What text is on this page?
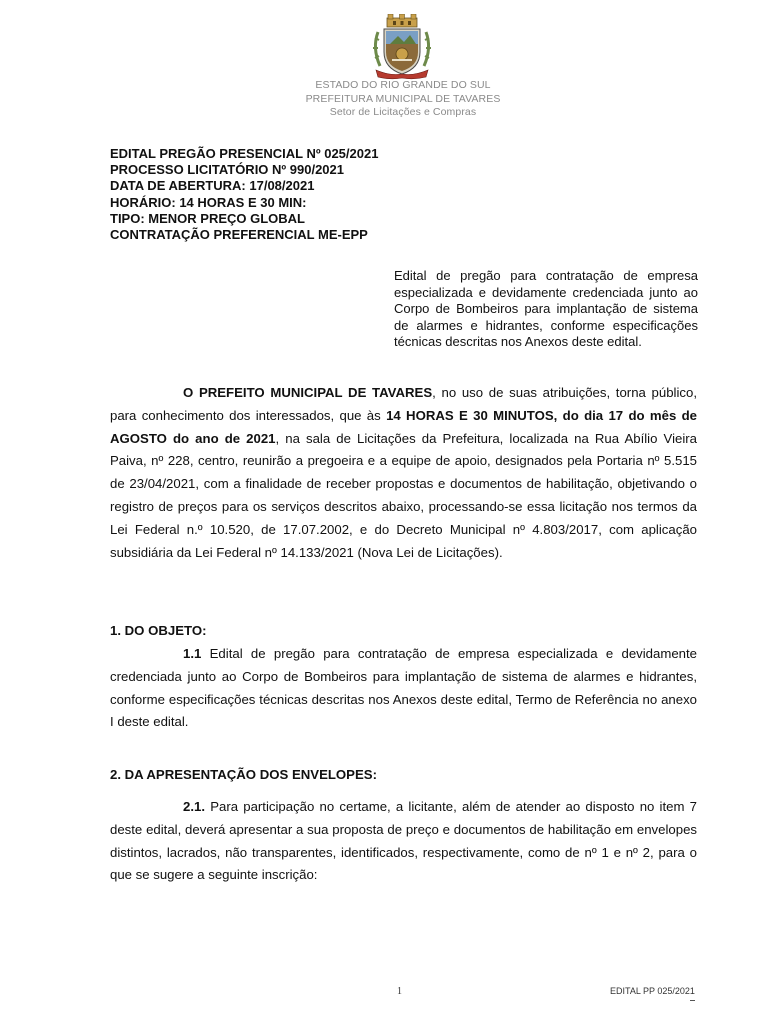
ESTADO DO RIO GRANDE DO SUL
PREFEITURA MUNICIPAL DE TAVARES
Setor de Licitações e Compras
EDITAL PREGÃO PRESENCIAL Nº 025/2021
PROCESSO LICITATÓRIO Nº 990/2021
DATA DE ABERTURA: 17/08/2021
HORÁRIO: 14 HORAS E 30 MIN:
TIPO: MENOR PREÇO GLOBAL
CONTRATAÇÃO PREFERENCIAL ME-EPP
Edital de pregão para contratação de empresa especializada e devidamente credenciada junto ao Corpo de Bombeiros para implantação de sistema de alarmes e hidrantes, conforme especificações técnicas descritas nos Anexos deste edital.
O PREFEITO MUNICIPAL DE TAVARES, no uso de suas atribuições, torna público, para conhecimento dos interessados, que às 14 HORAS E 30 MINUTOS, do dia 17 do mês de AGOSTO do ano de 2021, na sala de Licitações da Prefeitura, localizada na Rua Abílio Vieira Paiva, nº 228, centro, reunirão a pregoeira e a equipe de apoio, designados pela Portaria nº 5.515 de 23/04/2021, com a finalidade de receber propostas e documentos de habilitação, objetivando o registro de preços para os serviços descritos abaixo, processando-se essa licitação nos termos da Lei Federal n.º 10.520, de 17.07.2002, e do Decreto Municipal nº 4.803/2017, com aplicação subsidiária da Lei Federal nº 14.133/2021 (Nova Lei de Licitações).
1. DO OBJETO:
1.1 Edital de pregão para contratação de empresa especializada e devidamente credenciada junto ao Corpo de Bombeiros para implantação de sistema de alarmes e hidrantes, conforme especificações técnicas descritas nos Anexos deste edital, Termo de Referência no anexo I deste edital.
2. DA APRESENTAÇÃO DOS ENVELOPES:
2.1. Para participação no certame, a licitante, além de atender ao disposto no item 7 deste edital, deverá apresentar a sua proposta de preço e documentos de habilitação em envelopes distintos, lacrados, não transparentes, identificados, respectivamente, como de nº 1 e nº 2, para o que se sugere a seguinte inscrição:
1	EDITAL PP 025/2021
